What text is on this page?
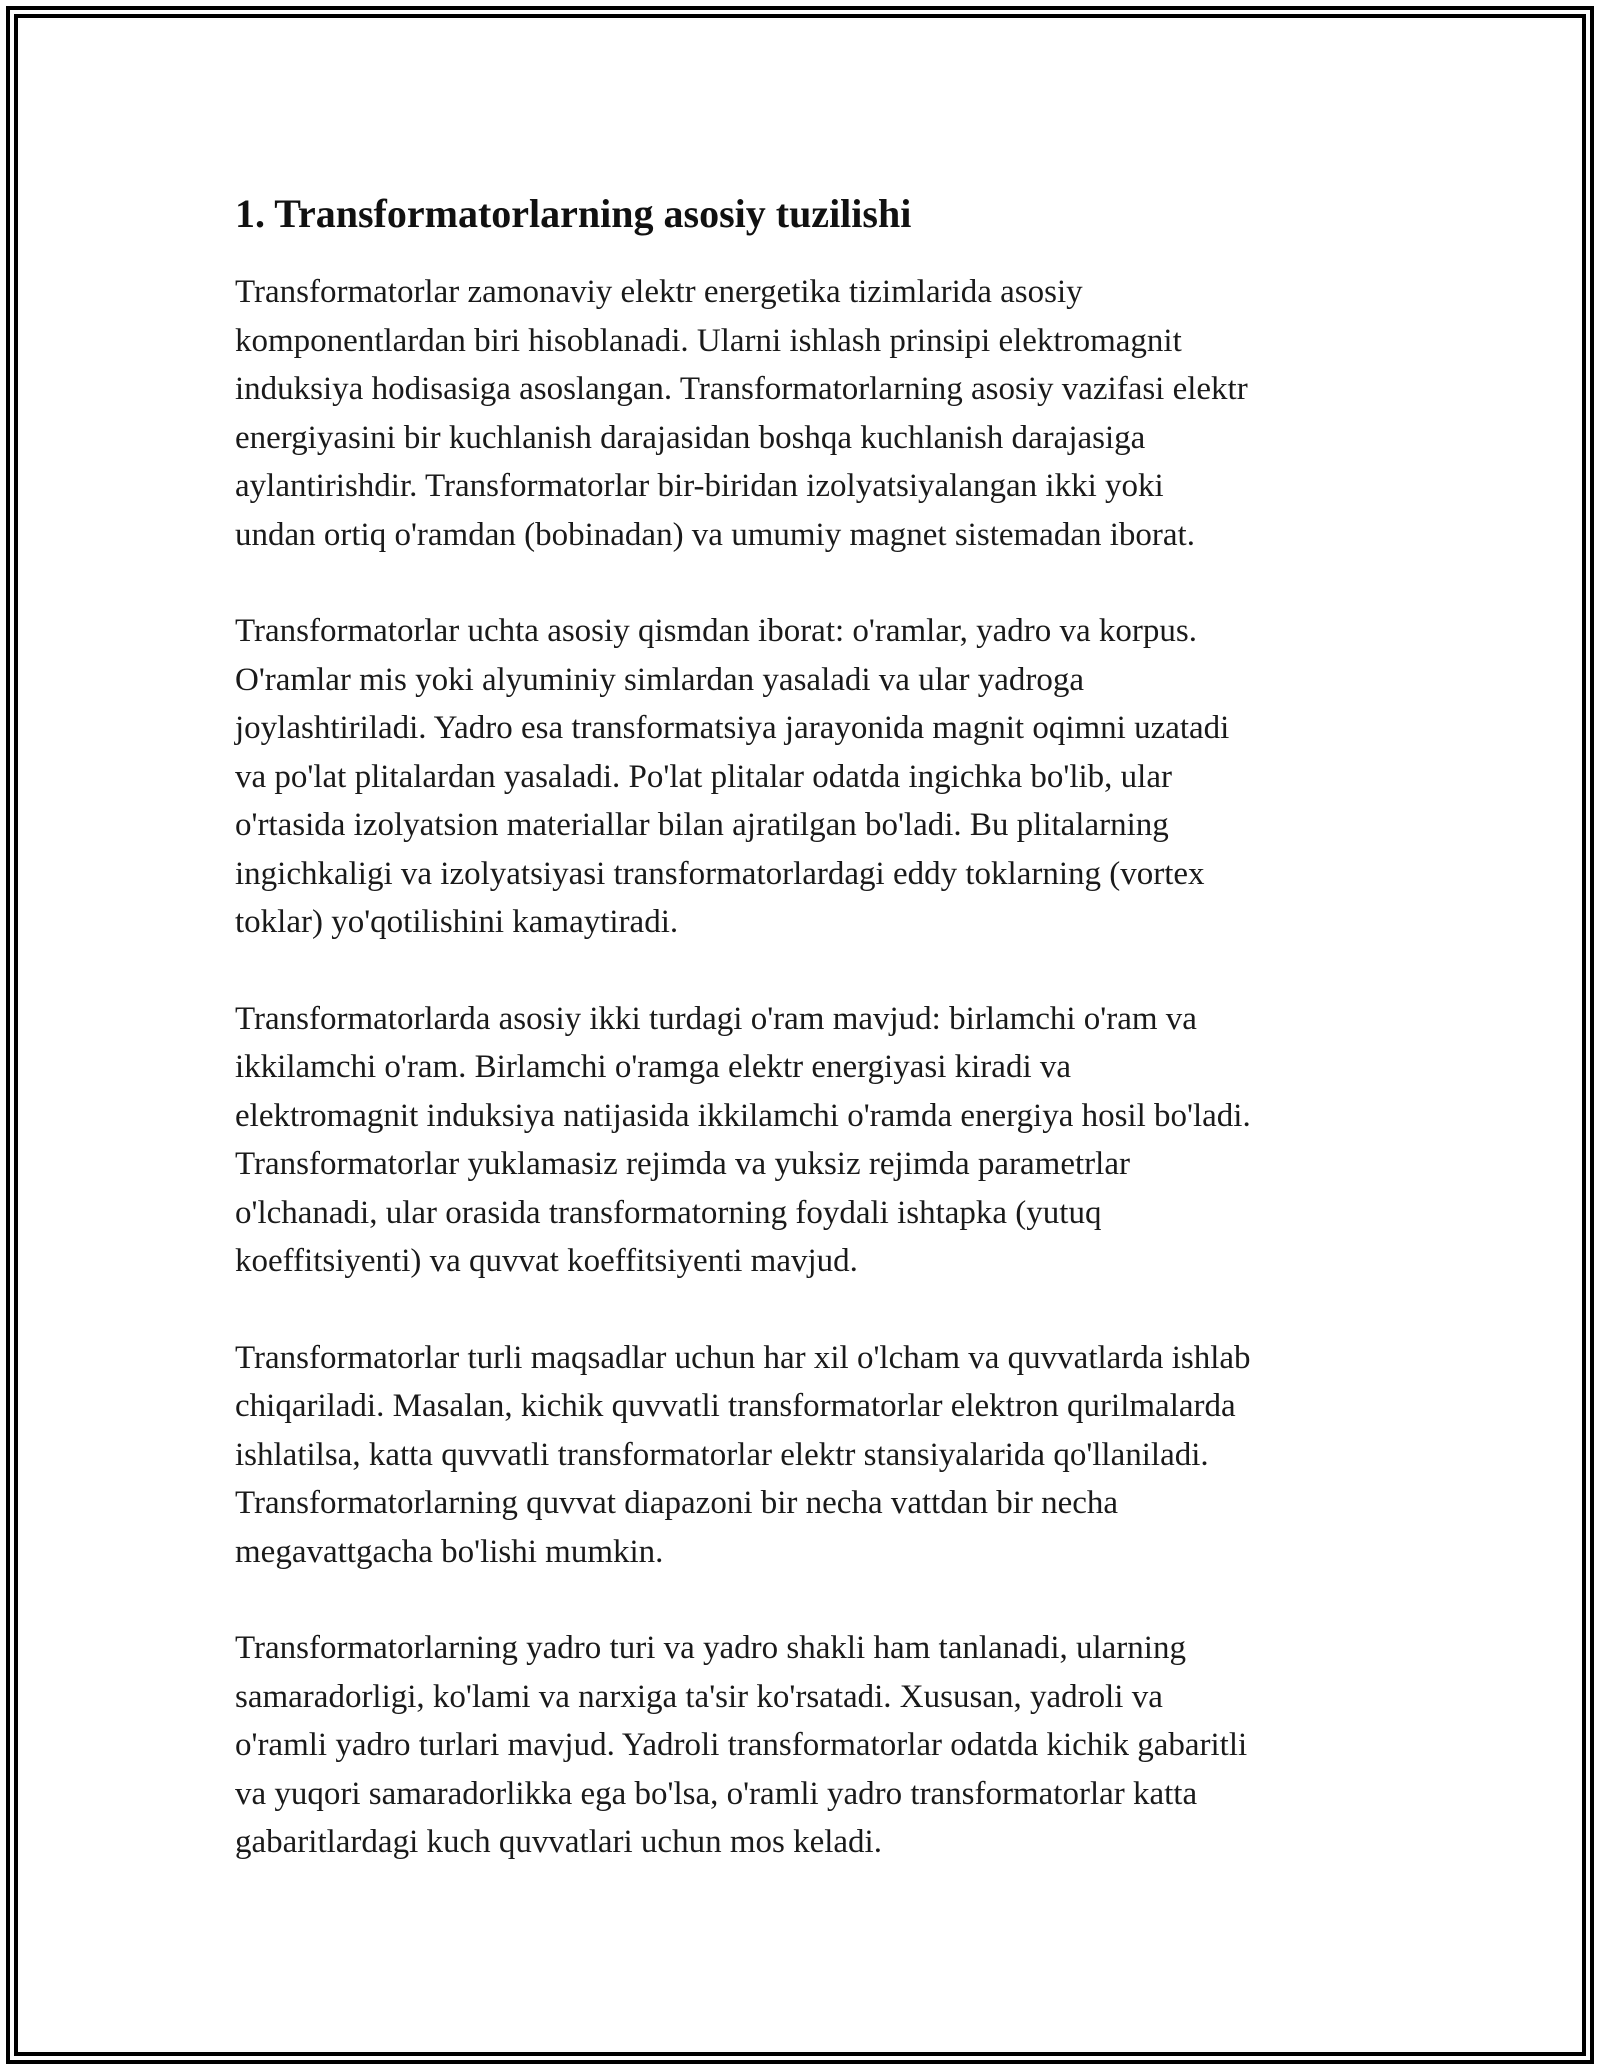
1. Transformatorlarning asosiy tuzilishi

Transformatorlar zamonaviy elektr energetika tizimlarida asosiy
komponentlardan biri hisoblanadi. Ularni ishlash prinsipi elektromagnit
induksiya hodisasiga asoslangan. Transformatorlarning asosiy vazifasi elektr
energiyasini bir kuchlanish darajasidan boshqa kuchlanish darajasiga
aylantirishdir. Transformatorlar bir-biridan izolyatsiyalangan ikki yoki
undan ortiq o'ramdan (bobinadan) va umumiy magnet sistemadan iborat.

Transformatorlar uchta asosiy qismdan iborat: o'ramlar, yadro va korpus.
O'ramlar mis yoki alyuminiy simlardan yasaladi va ular yadroga
joylashtiriladi. Yadro esa transformatsiya jarayonida magnit oqimni uzatadi
va po'lat plitalardan yasaladi. Po'lat plitalar odatda ingichka bo'lib, ular
o'rtasida izolyatsion materiallar bilan ajratilgan bo'ladi. Bu plitalarning
ingichkaligi va izolyatsiyasi transformatorlardagi eddy toklarning (vortex
toklar) yo'qotilishini kamaytiradi.

Transformatorlarda asosiy ikki turdagi o'ram mavjud: birlamchi o'ram va
ikkilamchi o'ram. Birlamchi o'ramga elektr energiyasi kiradi va
elektromagnit induksiya natijasida ikkilamchi o'ramda energiya hosil bo'ladi.
Transformatorlar yuklamasiz rejimda va yuksiz rejimda parametrlar
o'lchanadi, ular orasida transformatorning foydali ishtapka (yutuq
koeffitsiyenti) va quvvat koeffitsiyenti mavjud.

Transformatorlar turli maqsadlar uchun har xil o'lcham va quvvatlarda ishlab
chiqariladi. Masalan, kichik quvvatli transformatorlar elektron qurilmalarda
ishlatilsa, katta quvvatli transformatorlar elektr stansiyalarida qo'llaniladi.
Transformatorlarning quvvat diapazoni bir necha vattdan bir necha
megavattgacha bo'lishi mumkin.

Transformatorlarning yadro turi va yadro shakli ham tanlanadi, ularning
samaradorligi, ko'lami va narxiga ta'sir ko'rsatadi. Xususan, yadroli va
o'ramli yadro turlari mavjud. Yadroli transformatorlar odatda kichik gabaritli
va yuqori samaradorlikka ega bo'lsa, o'ramli yadro transformatorlar katta
gabaritlardagi kuch quvvatlari uchun mos keladi.
